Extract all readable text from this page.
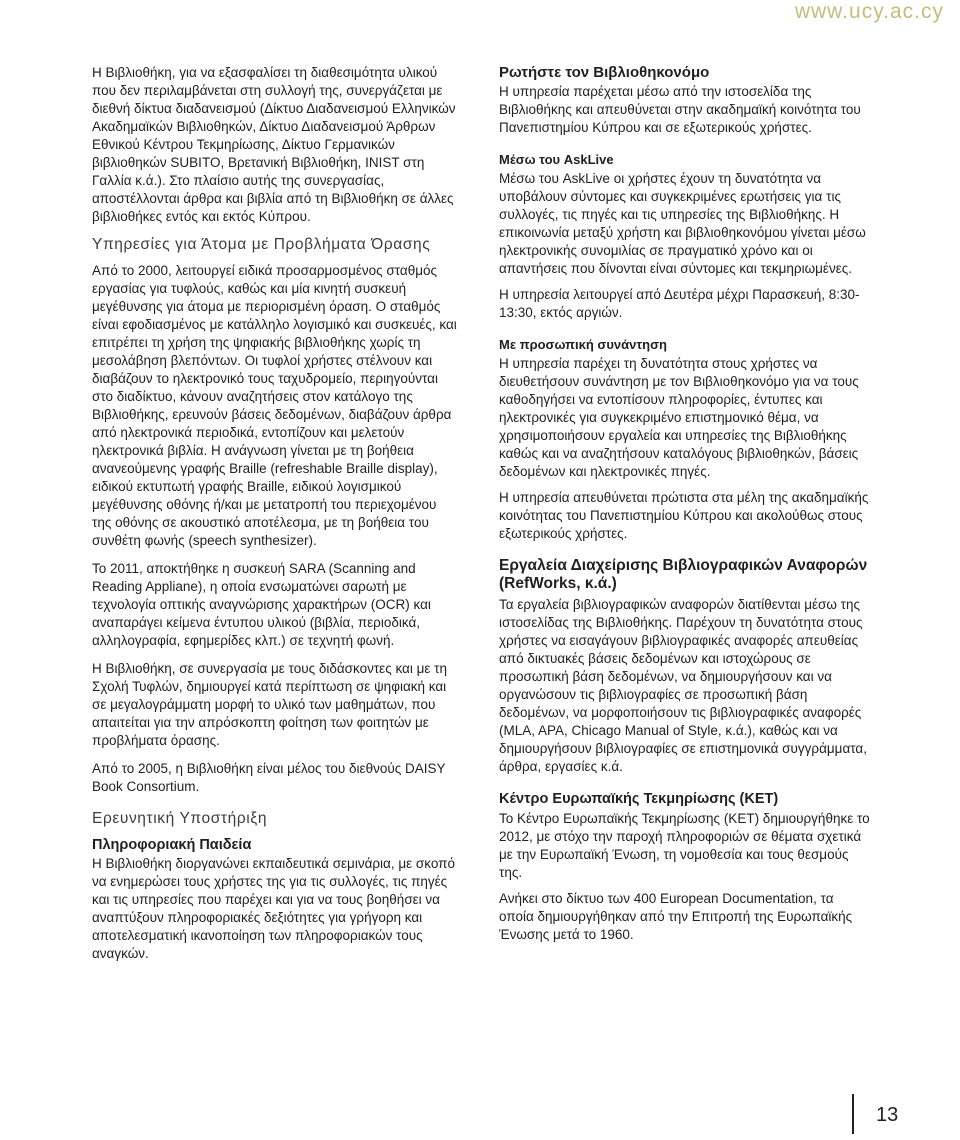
www.ucy.ac.cy

Η Βιβλιοθήκη, για να εξασφαλίσει τη διαθεσιμότητα υλικού που δεν περιλαμβάνεται στη συλλογή της, συνεργάζεται με διεθνή δίκτυα διαδανεισμού (Δίκτυο Διαδανεισμού Ελληνικών Ακαδημαϊκών Βιβλιοθηκών, Δίκτυο Διαδανεισμού Άρθρων Εθνικού Κέντρου Τεκμηρίωσης, Δίκτυο Γερμανικών βιβλιοθηκών SUBITO, Βρετανική Βιβλιοθήκη, INIST στη Γαλλία κ.ά.). Στο πλαίσιο αυτής της συνεργασίας, αποστέλλονται άρθρα και βιβλία από τη Βιβλιοθήκη σε άλλες βιβλιοθήκες εντός και εκτός Κύπρου.

Υπηρεσίες για Άτομα με Προβλήματα Όρασης

Από το 2000, λειτουργεί ειδικά προσαρμοσμένος σταθμός εργασίας για τυφλούς, καθώς και μία κινητή συσκευή μεγέθυνσης για άτομα με περιορισμένη όραση. Ο σταθμός είναι εφοδιασμένος με κατάλληλο λογισμικό και συσκευές, και επιτρέπει τη χρήση της ψηφιακής βιβλιοθήκης χωρίς τη μεσολάβηση βλεπόντων. Οι τυφλοί χρήστες στέλνουν και διαβάζουν το ηλεκτρονικό τους ταχυδρομείο, περιηγούνται στο διαδίκτυο, κάνουν αναζητήσεις στον κατάλογο της Βιβλιοθήκης, ερευνούν βάσεις δεδομένων, διαβάζουν άρθρα από ηλεκτρονικά περιοδικά, εντοπίζουν και μελετούν ηλεκτρονικά βιβλία. Η ανάγνωση γίνεται με τη βοήθεια ανανεούμενης γραφής Braille (refreshable Braille display), ειδικού εκτυπωτή γραφής Braille, ειδικού λογισμικού μεγέθυνσης οθόνης ή/και με μετατροπή του περιεχομένου της οθόνης σε ακουστικό αποτέλεσμα, με τη βοήθεια του συνθέτη φωνής (speech synthesizer).

Το 2011, αποκτήθηκε η συσκευή SARA (Scanning and Reading Appliane), η οποία ενσωματώνει σαρωτή με τεχνολογία οπτικής αναγνώρισης χαρακτήρων (OCR) και αναπαράγει κείμενα έντυπου υλικού (βιβλία, περιοδικά, αλληλογραφία, εφημερίδες κλπ.) σε τεχνητή φωνή.

Η Βιβλιοθήκη, σε συνεργασία με τους διδάσκοντες και με τη Σχολή Τυφλών, δημιουργεί κατά περίπτωση σε ψηφιακή και σε μεγαλογράμματη μορφή το υλικό των μαθημάτων, που απαιτείται για την απρόσκοπτη φοίτηση των φοιτητών με προβλήματα όρασης.

Από το 2005, η Βιβλιοθήκη είναι μέλος του διεθνούς DAISY Book Consortium.

Ερευνητική Υποστήριξη
Πληροφοριακή Παιδεία

Η Βιβλιοθήκη διοργανώνει εκπαιδευτικά σεμινάρια, με σκοπό να ενημερώσει τους χρήστες της για τις συλλογές, τις πηγές και τις υπηρεσίες που παρέχει και για να τους βοηθήσει να αναπτύξουν πληροφοριακές δεξιότητες για γρήγορη και αποτελεσματική ικανοποίηση των πληροφοριακών τους αναγκών.

Ρωτήστε τον Βιβλιοθηκονόμο

Η υπηρεσία παρέχεται μέσω από την ιστοσελίδα της Βιβλιοθήκης και απευθύνεται στην ακαδημαϊκή κοινότητα του Πανεπιστημίου Κύπρου και σε εξωτερικούς χρήστες.

Μέσω του AskLive

Μέσω του AskLive οι χρήστες έχουν τη δυνατότητα να υποβάλουν σύντομες και συγκεκριμένες ερωτήσεις για τις συλλογές, τις πηγές και τις υπηρεσίες της Βιβλιοθήκης. Η επικοινωνία μεταξύ χρήστη και βιβλιοθηκονόμου γίνεται μέσω ηλεκτρονικής συνομιλίας σε πραγματικό χρόνο και οι απαντήσεις που δίνονται είναι σύντομες και τεκμηριωμένες.

Η υπηρεσία λειτουργεί από Δευτέρα μέχρι Παρασκευή, 8:30-13:30, εκτός αργιών.

Με προσωπική συνάντηση

Η υπηρεσία παρέχει τη δυνατότητα στους χρήστες να διευθετήσουν συνάντηση με τον Βιβλιοθηκονόμο για να τους καθοδηγήσει να εντοπίσουν πληροφορίες, έντυπες και ηλεκτρονικές για συγκεκριμένο επιστημονικό θέμα, να χρησιμοποιήσουν εργαλεία και υπηρεσίες της Βιβλιοθήκης καθώς και να αναζητήσουν καταλόγους βιβλιοθηκών, βάσεις δεδομένων και ηλεκτρονικές πηγές.

Η υπηρεσία απευθύνεται πρώτιστα στα μέλη της ακαδημαϊκής κοινότητας του Πανεπιστημίου Κύπρου και ακολούθως στους εξωτερικούς χρήστες.

Εργαλεία Διαχείρισης Βιβλιογραφικών Αναφορών (RefWorks, κ.ά.)

Τα εργαλεία βιβλιογραφικών αναφορών διατίθενται μέσω της ιστοσελίδας της Βιβλιοθήκης. Παρέχουν τη δυνατότητα στους χρήστες να εισαγάγουν βιβλιογραφικές αναφορές απευθείας από δικτυακές βάσεις δεδομένων και ιστοχώρους σε προσωπική βάση δεδομένων, να δημιουργήσουν και να οργανώσουν τις βιβλιογραφίες σε προσωπική βάση δεδομένων, να μορφοποιήσουν τις βιβλιογραφικές αναφορές (MLA, APA, Chicago Manual of Style, κ.ά.), καθώς και να δημιουργήσουν βιβλιογραφίες σε επιστημονικά συγγράμματα, άρθρα, εργασίες κ.ά.

Κέντρο Ευρωπαϊκής Τεκμηρίωσης (ΚΕΤ)

Το Κέντρο Ευρωπαϊκής Τεκμηρίωσης (ΚΕΤ) δημιουργήθηκε το 2012, με στόχο την παροχή πληροφοριών σε θέματα σχετικά με την Ευρωπαϊκή Ένωση, τη νομοθεσία και τους θεσμούς της.

Ανήκει στο δίκτυο των 400 European Documentation, τα οποία δημιουργήθηκαν από την Επιτροπή της Ευρωπαϊκής Ένωσης μετά το 1960.

13
